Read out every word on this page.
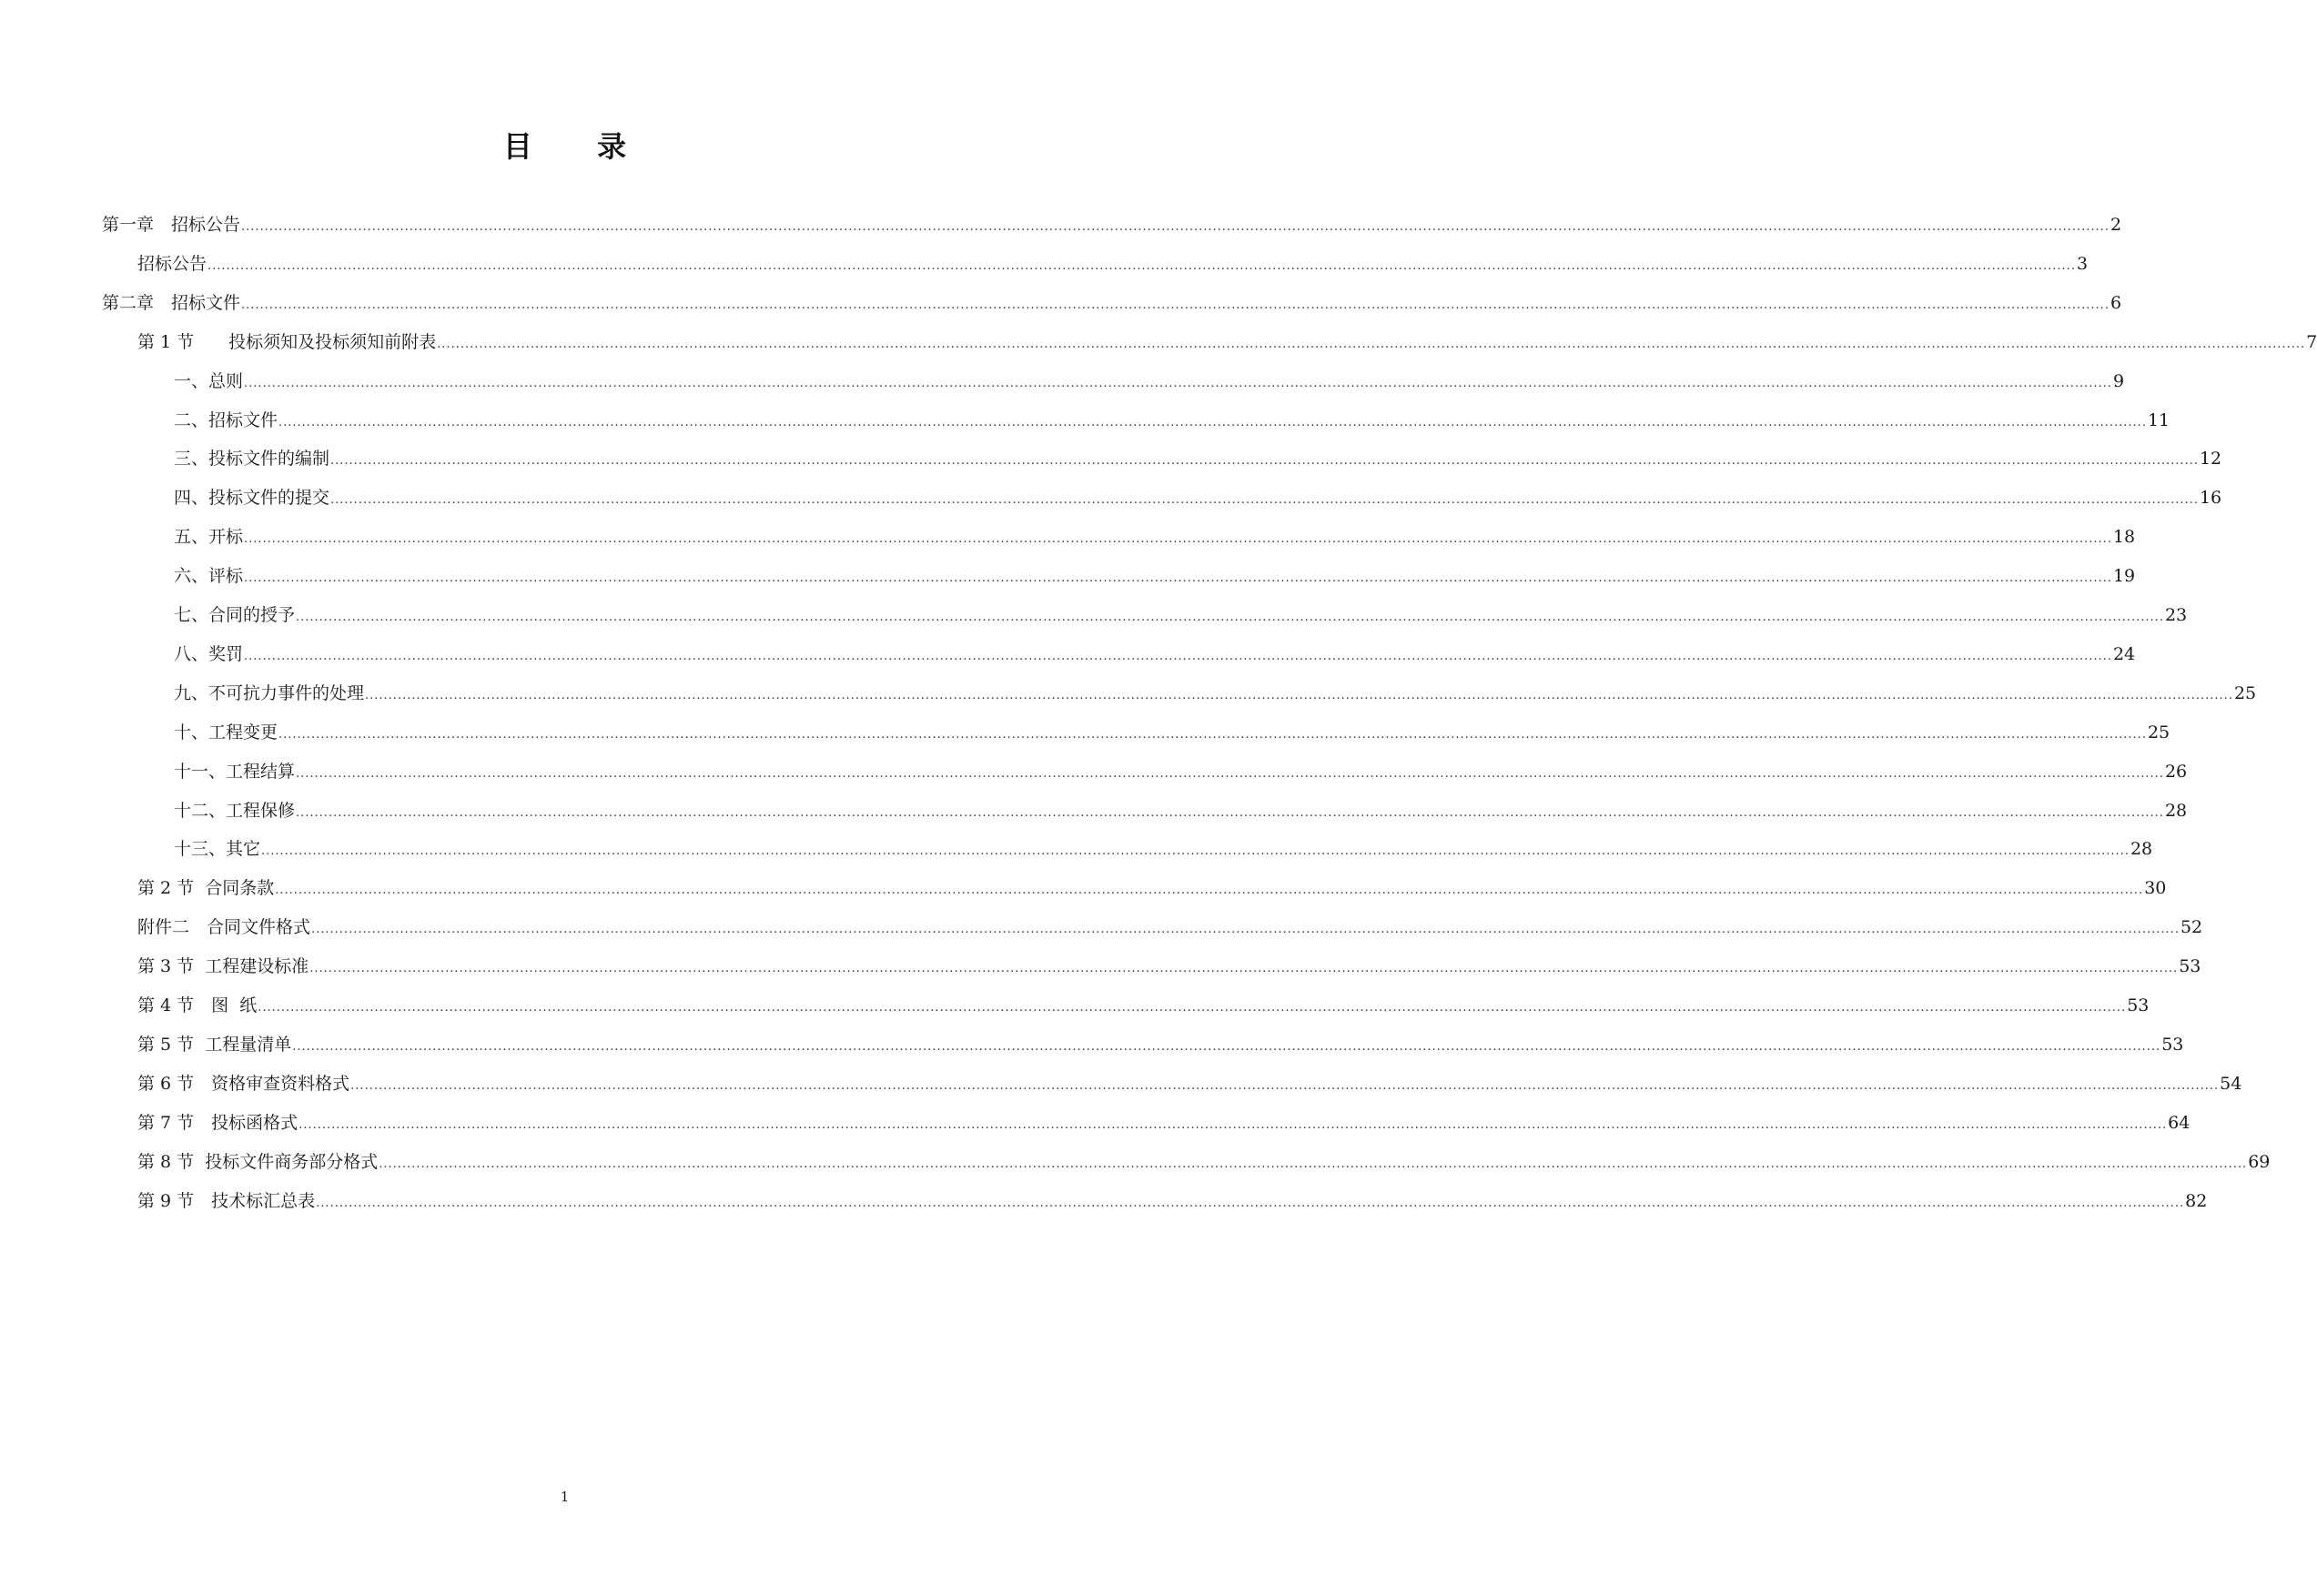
目 录
第一章　招标公告 ................................................................................................................................................................................................................................................................................................................................................................................................................ 2
招标公告 ................................................................................................................................................................................................................................................................................................................................................................................................................ 3
第二章　招标文件 ................................................................................................................................................................................................................................................................................................................................................................................................................ 6
第 1 节　　投标须知及投标须知前附表 ................................................................................................................................................................................................................................................................................................................................................................................................................ 7
一、总则 ................................................................................................................................................................................................................................................................................................................................................................................................................ 9
二、招标文件 ................................................................................................................................................................................................................................................................................................................................................................................................................ 11
三、投标文件的编制 ................................................................................................................................................................................................................................................................................................................................................................................................................ 12
四、投标文件的提交 ................................................................................................................................................................................................................................................................................................................................................................................................................ 16
五、开标 ................................................................................................................................................................................................................................................................................................................................................................................................................ 18
六、评标 ................................................................................................................................................................................................................................................................................................................................................................................................................ 19
七、合同的授予 ................................................................................................................................................................................................................................................................................................................................................................................................................ 23
八、奖罚 ................................................................................................................................................................................................................................................................................................................................................................................................................ 24
九、不可抗力事件的处理 ................................................................................................................................................................................................................................................................................................................................................................................................................ 25
十、工程变更 ................................................................................................................................................................................................................................................................................................................................................................................................................ 25
十一、工程结算 ................................................................................................................................................................................................................................................................................................................................................................................................................ 26
十二、工程保修 ................................................................................................................................................................................................................................................................................................................................................................................................................ 28
十三、其它 ................................................................................................................................................................................................................................................................................................................................................................................................................ 28
第 2 节  合同条款 ................................................................................................................................................................................................................................................................................................................................................................................................................ 30
附件二　合同文件格式 ................................................................................................................................................................................................................................................................................................................................................................................................................ 52
第 3 节  工程建设标准 ................................................................................................................................................................................................................................................................................................................................................................................................................ 53
第 4 节　图  纸 ................................................................................................................................................................................................................................................................................................................................................................................................................ 53
第 5 节  工程量清单 ................................................................................................................................................................................................................................................................................................................................................................................................................ 53
第 6 节　资格审查资料格式 ................................................................................................................................................................................................................................................................................................................................................................................................................ 54
第 7 节　投标函格式 ................................................................................................................................................................................................................................................................................................................................................................................................................ 64
第 8 节  投标文件商务部分格式 ................................................................................................................................................................................................................................................................................................................................................................................................................ 69
第 9 节　技术标汇总表 ................................................................................................................................................................................................................................................................................................................................................................................................................ 82
1
